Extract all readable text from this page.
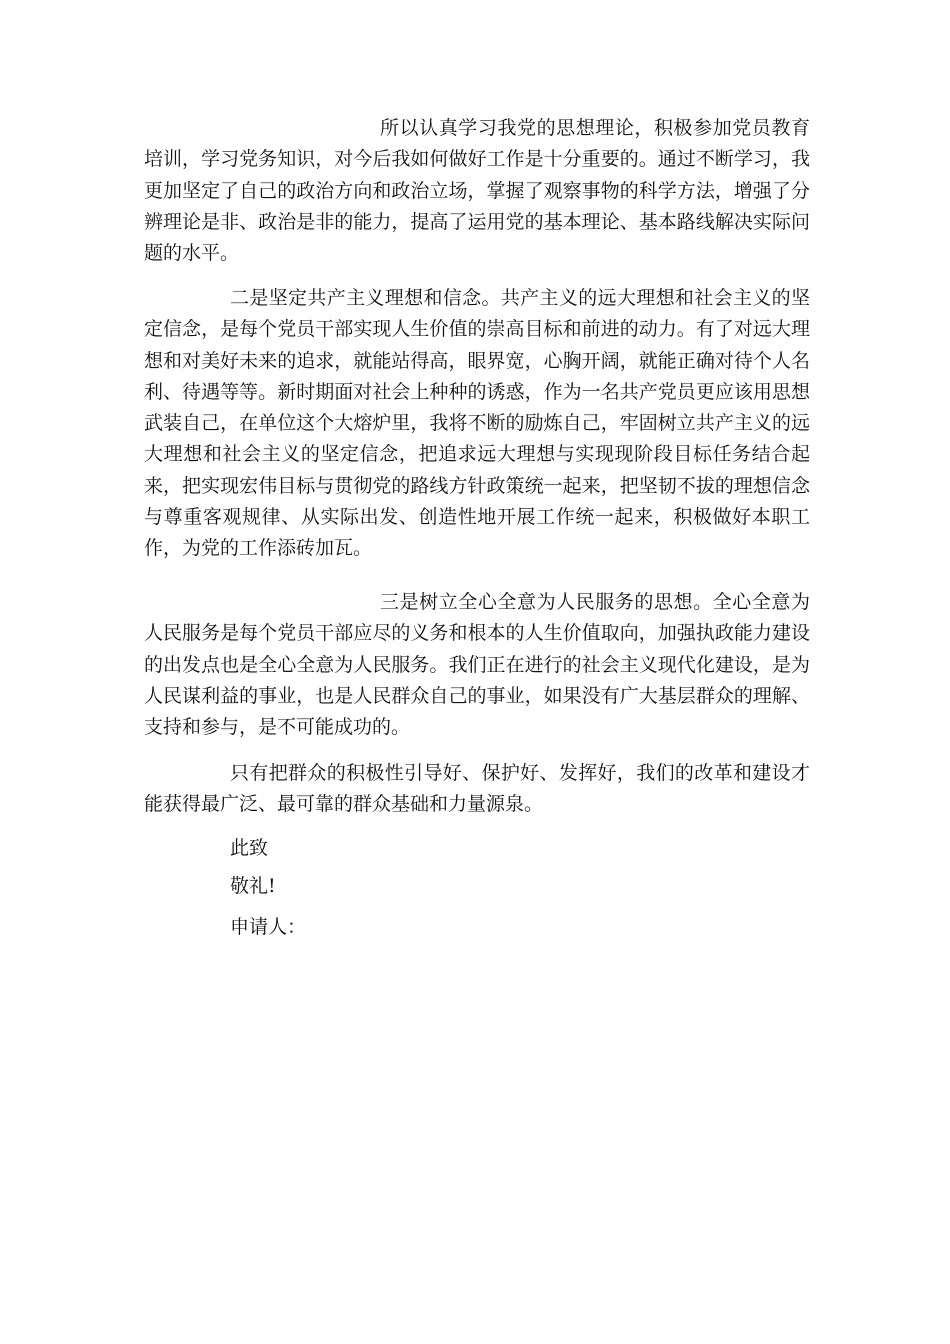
所以认真学习我党的思想理论，积极参加党员教育培训，学习党务知识，对今后我如何做好工作是十分重要的。通过不断学习，我更加坚定了自己的政治方向和政治立场，掌握了观察事物的科学方法，增强了分辨理论是非、政治是非的能力，提高了运用党的基本理论、基本路线解决实际问题的水平。

二是坚定共产主义理想和信念。共产主义的远大理想和社会主义的坚定信念，是每个党员干部实现人生价值的崇高目标和前进的动力。有了对远大理想和对美好未来的追求，就能站得高，眼界宽，心胸开阔，就能正确对待个人名利、待遇等等。新时期面对社会上种种的诱惑，作为一名共产党员更应该用思想武装自己，在单位这个大熔炉里，我将不断的励炼自己，牢固树立共产主义的远大理想和社会主义的坚定信念，把追求远大理想与实现现阶段目标任务结合起来，把实现宏伟目标与贯彻党的路线方针政策统一起来，把坚韧不拔的理想信念与尊重客观规律、从实际出发、创造性地开展工作统一起来，积极做好本职工作，为党的工作添砖加瓦。

三是树立全心全意为人民服务的思想。全心全意为人民服务是每个党员干部应尽的义务和根本的人生价值取向，加强执政能力建设的出发点也是全心全意为人民服务。我们正在进行的社会主义现代化建设，是为人民谋利益的事业，也是人民群众自己的事业，如果没有广大基层群众的理解、支持和参与，是不可能成功的。

只有把群众的积极性引导好、保护好、发挥好，我们的改革和建设才能获得最广泛、最可靠的群众基础和力量源泉。

此致

敬礼!

申请人：
